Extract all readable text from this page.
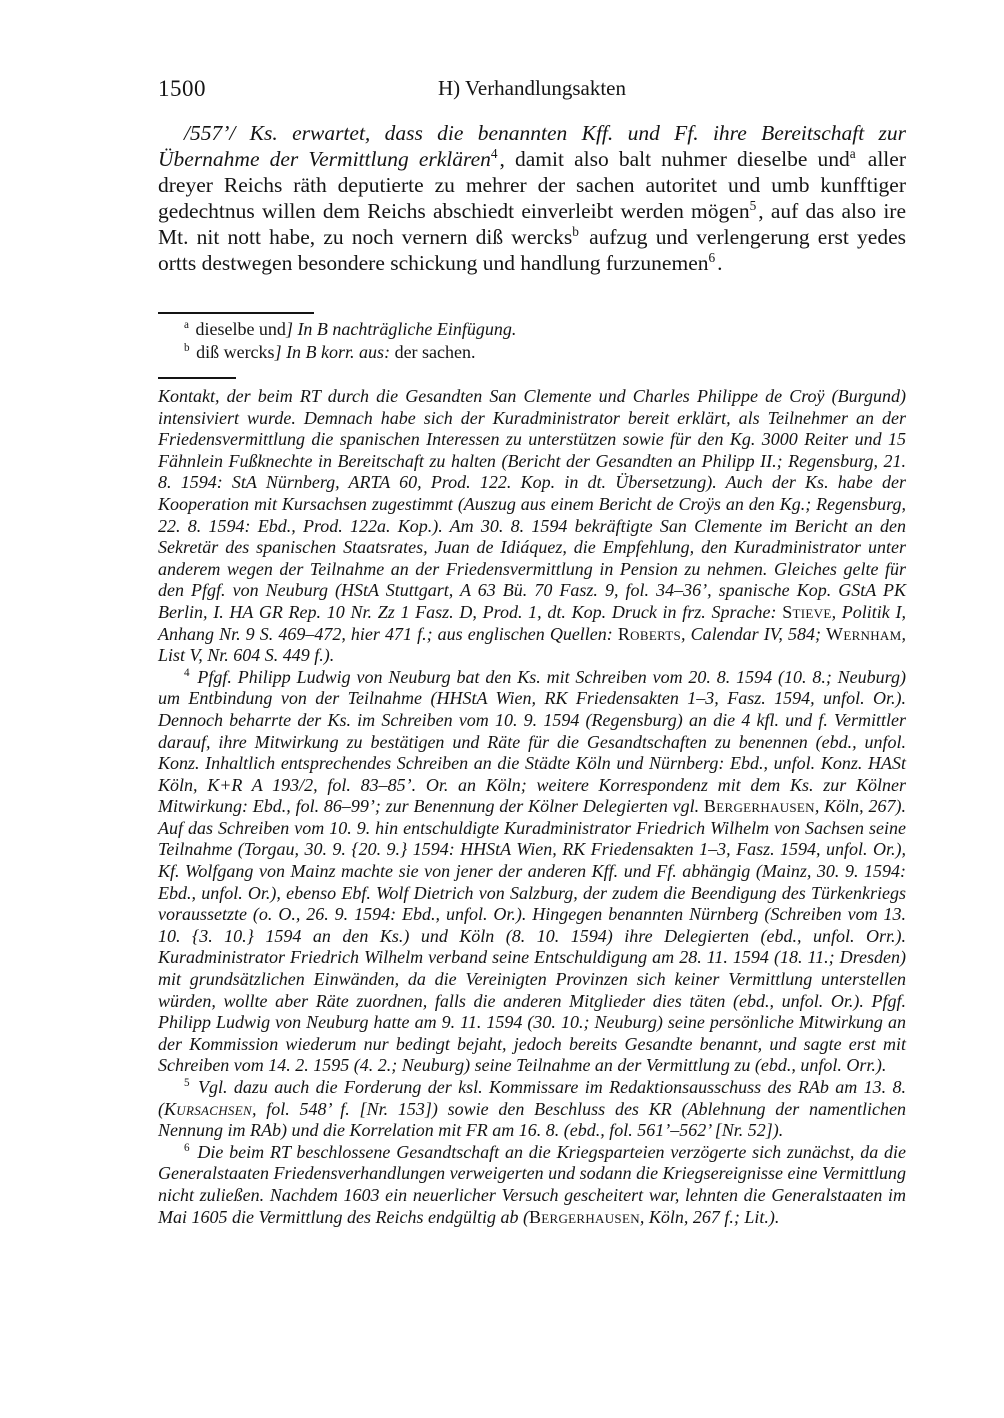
1500	H) Verhandlungsakten

/557’/ Ks. erwartet, dass die benannten Kff. und Ff. ihre Bereitschaft zur Übernahme der Vermittlung erklären$^4$, damit also balt nuhmer dieselbe und$^a$ aller dreyer Reichs räth deputierte zu mehrer der sachen autoritet und umb kunfftiger gedechtnus willen dem Reichs abschiedt einverleibt werden mögen$^5$, auf das also ire Mt. nit nott habe, zu noch vernern diß wercks$^b$ aufzug und verlengerung erst yedes ortts destwegen besondere schickung und handlung furzunemen$^6$.

$^a$ dieselbe und] In B nachträgliche Einfügung.
$^b$ diß wercks] In B korr. aus: der sachen.
Kontakt, der beim RT durch die Gesandten San Clemente und Charles Philippe de Croÿ (Burgund) intensiviert wurde. Demnach habe sich der Kuradministrator bereit erklärt, als Teilnehmer an der Friedensvermittlung die spanischen Interessen zu unterstützen sowie für den Kg. 3000 Reiter und 15 Fähnlein Fußknechte in Bereitschaft zu halten (Bericht der Gesandten an Philipp II.; Regensburg, 21. 8. 1594: StA Nürnberg, ARTA 60, Prod. 122. Kop. in dt. Übersetzung). Auch der Ks. habe der Kooperation mit Kursachsen zugestimmt (Auszug aus einem Bericht de Croÿs an den Kg.; Regensburg, 22. 8. 1594: Ebd., Prod. 122a. Kop.). Am 30. 8. 1594 bekräftigte San Clemente im Bericht an den Sekretär des spanischen Staatsrates, Juan de Idiáquez, die Empfehlung, den Kuradministrator unter anderem wegen der Teilnahme an der Friedensvermittlung in Pension zu nehmen. Gleiches gelte für den Pfgf. von Neuburg (HStA Stuttgart, A 63 Bü. 70 Fasz. 9, fol. 34–36’, spanische Kop. GStA PK Berlin, I. HA GR Rep. 10 Nr. Zz 1 Fasz. D, Prod. 1, dt. Kop. Druck in frz. Sprache: Stieve, Politik I, Anhang Nr. 9 S. 469–472, hier 471 f.; aus englischen Quellen: Roberts, Calendar IV, 584; Wernham, List V, Nr. 604 S. 449 f.).
$^4$ Pfgf. Philipp Ludwig von Neuburg bat den Ks. mit Schreiben vom 20. 8. 1594 (10. 8.; Neuburg) um Entbindung von der Teilnahme (HHStA Wien, RK Friedensakten 1–3, Fasz. 1594, unfol. Or.). Dennoch beharrte der Ks. im Schreiben vom 10. 9. 1594 (Regensburg) an die 4 kfl. und f. Vermittler darauf, ihre Mitwirkung zu bestätigen und Räte für die Gesandtschaften zu benennen (ebd., unfol. Konz. Inhaltlich entsprechendes Schreiben an die Städte Köln und Nürnberg: Ebd., unfol. Konz. HASt Köln, K+R A 193/2, fol. 83–85’. Or. an Köln; weitere Korrespondenz mit dem Ks. zur Kölner Mitwirkung: Ebd., fol. 86–99’; zur Benennung der Kölner Delegierten vgl. Bergerhausen, Köln, 267). Auf das Schreiben vom 10. 9. hin entschuldigte Kuradministrator Friedrich Wilhelm von Sachsen seine Teilnahme (Torgau, 30. 9. {20. 9.} 1594: HHStA Wien, RK Friedensakten 1–3, Fasz. 1594, unfol. Or.), Kf. Wolfgang von Mainz machte sie von jener der anderen Kff. und Ff. abhängig (Mainz, 30. 9. 1594: Ebd., unfol. Or.), ebenso Ebf. Wolf Dietrich von Salzburg, der zudem die Beendigung des Türkenkriegs voraussetzte (o. O., 26. 9. 1594: Ebd., unfol. Or.). Hingegen benannten Nürnberg (Schreiben vom 13. 10. {3. 10.} 1594 an den Ks.) und Köln (8. 10. 1594) ihre Delegierten (ebd., unfol. Orr.). Kuradministrator Friedrich Wilhelm verband seine Entschuldigung am 28. 11. 1594 (18. 11.; Dresden) mit grundsätzlichen Einwänden, da die Vereinigten Provinzen sich keiner Vermittlung unterstellen würden, wollte aber Räte zuordnen, falls die anderen Mitglieder dies täten (ebd., unfol. Or.). Pfgf. Philipp Ludwig von Neuburg hatte am 9. 11. 1594 (30. 10.; Neuburg) seine persönliche Mitwirkung an der Kommission wiederum nur bedingt bejaht, jedoch bereits Gesandte benannt, und sagte erst mit Schreiben vom 14. 2. 1595 (4. 2.; Neuburg) seine Teilnahme an der Vermittlung zu (ebd., unfol. Orr.).
$^5$ Vgl. dazu auch die Forderung der ksl. Kommissare im Redaktionsausschuss des RAb am 13. 8. (Kursachsen, fol. 548’ f. [Nr. 153]) sowie den Beschluss des KR (Ablehnung der namentlichen Nennung im RAb) und die Korrelation mit FR am 16. 8. (ebd., fol. 561’–562’ [Nr. 52]).
$^6$ Die beim RT beschlossene Gesandtschaft an die Kriegsparteien verzögerte sich zunächst, da die Generalstaaten Friedensverhandlungen verweigerten und sodann die Kriegsereignisse eine Vermittlung nicht zuließen. Nachdem 1603 ein neuerlicher Versuch gescheitert war, lehnten die Generalstaaten im Mai 1605 die Vermittlung des Reichs endgültig ab (Bergerhausen, Köln, 267 f.; Lit.).
